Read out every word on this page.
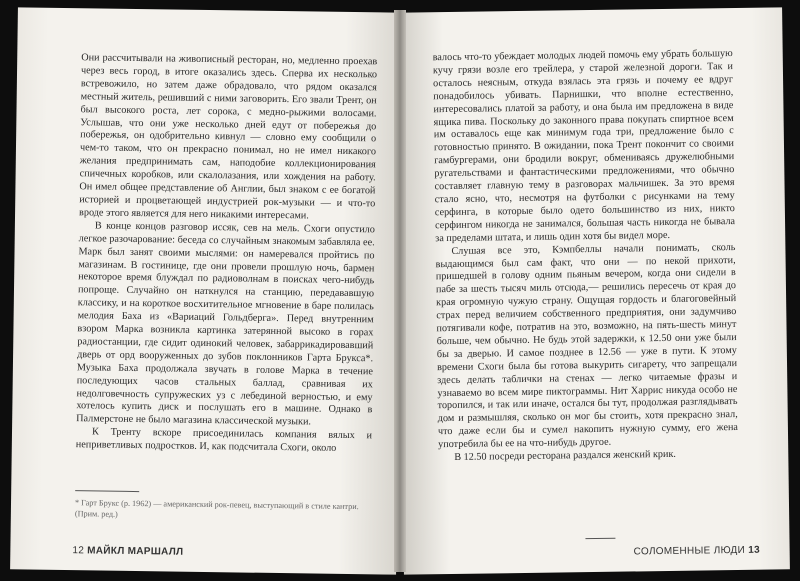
Они рассчитывали на живописный ресторан, но, медленно проехав через весь город, в итоге оказались здесь. Сперва их несколько встревожило, но затем даже обрадовало, что рядом оказался местный житель, решивший с ними заговорить. Его звали Трент, он был высокого роста, лет сорока, с медно-рыжими волосами. Услышав, что они уже несколько дней едут от побережья до побережья, он одобрительно кивнул — словно ему сообщили о чем-то таком, что он прекрасно понимал, но не имел никакого желания предпринимать сам, наподобие коллекционирования спичечных коробков, или скалолазания, или хождения на работу. Он имел общее представление об Англии, был знаком с ее богатой историей и процветающей индустрией рок-музыки — и что-то вроде этого является для него никакими интересами.

В конце концов разговор иссяк, сев на мель. Схоги опустило легкое разочарование: беседа со случайным знакомым забавляла ее. Марк был занят своими мыслями: он намеревался пройтись по магазинам. В гостинице, где они провели прошлую ночь, бармен некоторое время блуждал по радиоволнам в поисках чего-нибудь попроще. Случайно он наткнулся на станцию, передававшую классику, и на короткое восхитительное мгновение в баре полилась мелодия Баха из «Вариаций Гольдберга». Перед внутренним взором Марка возникла картинка затерянной высоко в горах радиостанции, где сидит одинокий человек, забаррикадировавший дверь от орд вооруженных до зубов поклонников Гарта Брукса*. Музыка Баха продолжала звучать в голове Марка в течение последующих часов стальных баллад, сравнивая их недолговечность супружеских уз с лебединой верностью, и ему хотелось купить диск и послушать его в машине. Однако в Палмерстоне не было магазина классической музыки.

К Тренту вскоре присоединилась компания вялых и неприветливых подростков. И, как подсчитала Схоги, около

* Гарт Брукс (р. 1962) — американский рок-певец, выступающий в стиле кантри. (Прим. ред.)
12 МАЙКЛ МАРШАЛЛ

валось что-то убеждает молодых людей помочь ему убрать большую кучу грязи возле его трейлера, у старой железной дороги. Так и осталось неясным, откуда взялась эта грязь и почему ее вдруг понадобилось убивать. Парнишки, что вполне естественно, интересовались платой за работу, и она была им предложена в виде ящика пива. Поскольку до законного права покупать спиртное всем им оставалось еще как минимум года три, предложение было с готовностью принято. В ожидании, пока Трент покончит со своими гамбургерами, они бродили вокруг, обмениваясь дружелюбными ругательствами и фантастическими предложениями, что обычно составляет главную тему в разговорах мальчишек. За это время стало ясно, что, несмотря на футболки с рисунками на тему серфинга, в которые было одето большинство из них, никто серфингом никогда не занимался, большая часть никогда не бывала за пределами штата, и лишь один хотя бы видел море.

Слушая все это, Кэмпбеллы начали понимать, сколь выдающимся был сам факт, что они — по некой прихоти, пришедшей в голову одним пьяным вечером, когда они сидели в пабе за шесть тысяч миль отсюда,— решились пересечь от края до края огромную чужую страну. Ощущая гордость и благоговейный страх перед величием собственного предприятия, они задумчиво потягивали кофе, потратив на это, возможно, на пять-шесть минут больше, чем обычно. Не будь этой задержки, к 12.50 они уже были бы за дверью. И самое позднее в 12.56 — уже в пути. К этому времени Схоги была бы готова выкурить сигарету, что запрещали здесь делать таблички на стенах — легко читаемые фразы и узнаваемо во всем мире пиктограммы. Нит Харрис никуда особо не торопился, и так или иначе, остался бы тут, продолжая разглядывать дом и размышляя, сколько он мог бы стоить, хотя прекрасно знал, что даже если бы и сумел накопить нужную сумму, его жена употребила бы ее на что-нибудь другое.

В 12.50 посреди ресторана раздался женский крик.

СОЛОМЕННЫЕ ЛЮДИ 13
